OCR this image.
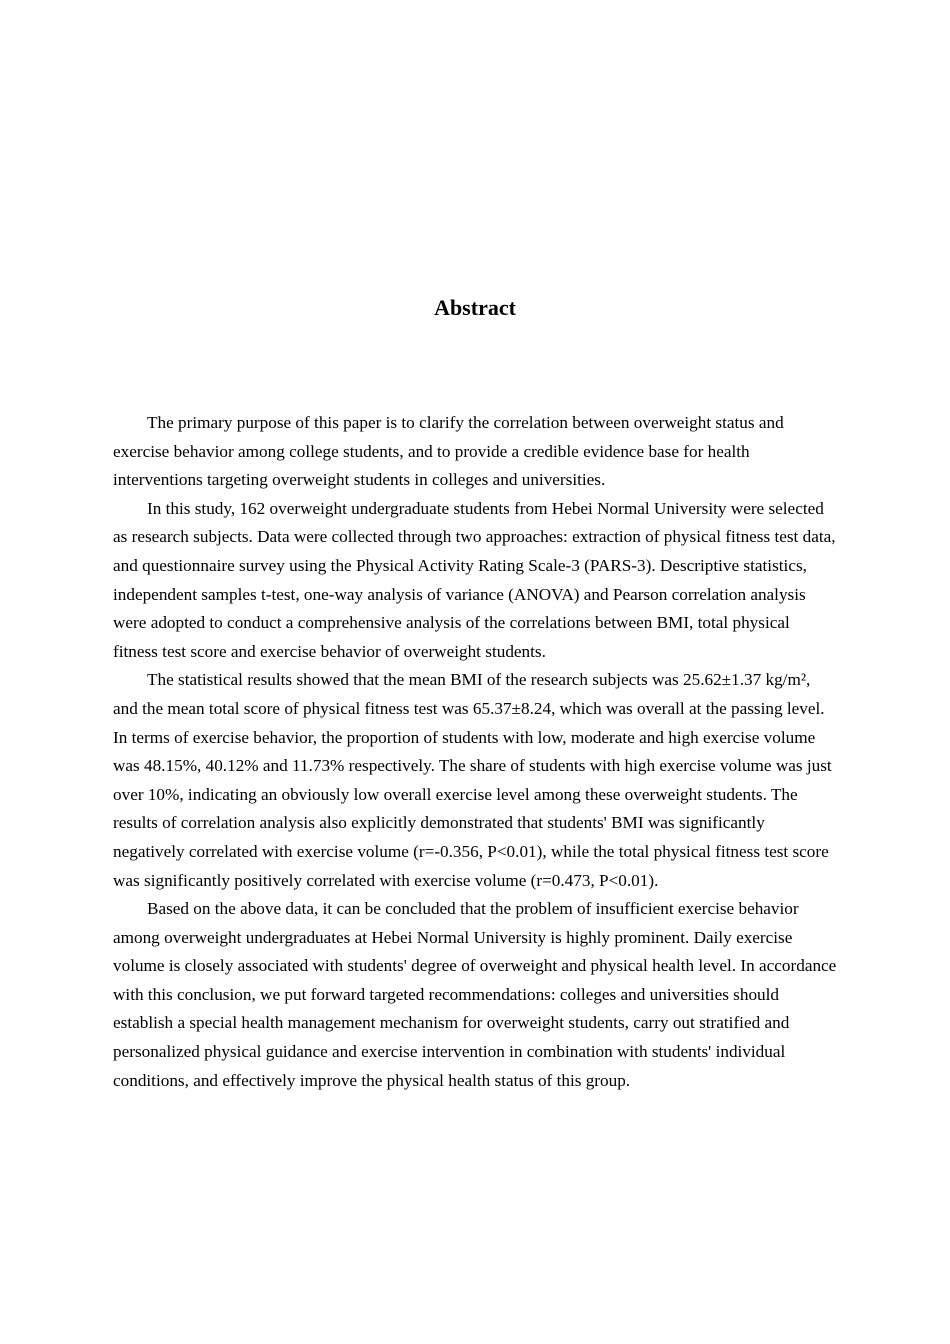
Abstract

The primary purpose of this paper is to clarify the correlation between overweight status and exercise behavior among college students, and to provide a credible evidence base for health interventions targeting overweight students in colleges and universities.

In this study, 162 overweight undergraduate students from Hebei Normal University were selected as research subjects. Data were collected through two approaches: extraction of physical fitness test data, and questionnaire survey using the Physical Activity Rating Scale-3 (PARS-3). Descriptive statistics, independent samples t-test, one-way analysis of variance (ANOVA) and Pearson correlation analysis were adopted to conduct a comprehensive analysis of the correlations between BMI, total physical fitness test score and exercise behavior of overweight students.

The statistical results showed that the mean BMI of the research subjects was 25.62±1.37 kg/m², and the mean total score of physical fitness test was 65.37±8.24, which was overall at the passing level. In terms of exercise behavior, the proportion of students with low, moderate and high exercise volume was 48.15%, 40.12% and 11.73% respectively. The share of students with high exercise volume was just over 10%, indicating an obviously low overall exercise level among these overweight students. The results of correlation analysis also explicitly demonstrated that students' BMI was significantly negatively correlated with exercise volume (r=-0.356, P<0.01), while the total physical fitness test score was significantly positively correlated with exercise volume (r=0.473, P<0.01).

Based on the above data, it can be concluded that the problem of insufficient exercise behavior among overweight undergraduates at Hebei Normal University is highly prominent. Daily exercise volume is closely associated with students' degree of overweight and physical health level. In accordance with this conclusion, we put forward targeted recommendations: colleges and universities should establish a special health management mechanism for overweight students, carry out stratified and personalized physical guidance and exercise intervention in combination with students' individual conditions, and effectively improve the physical health status of this group.
